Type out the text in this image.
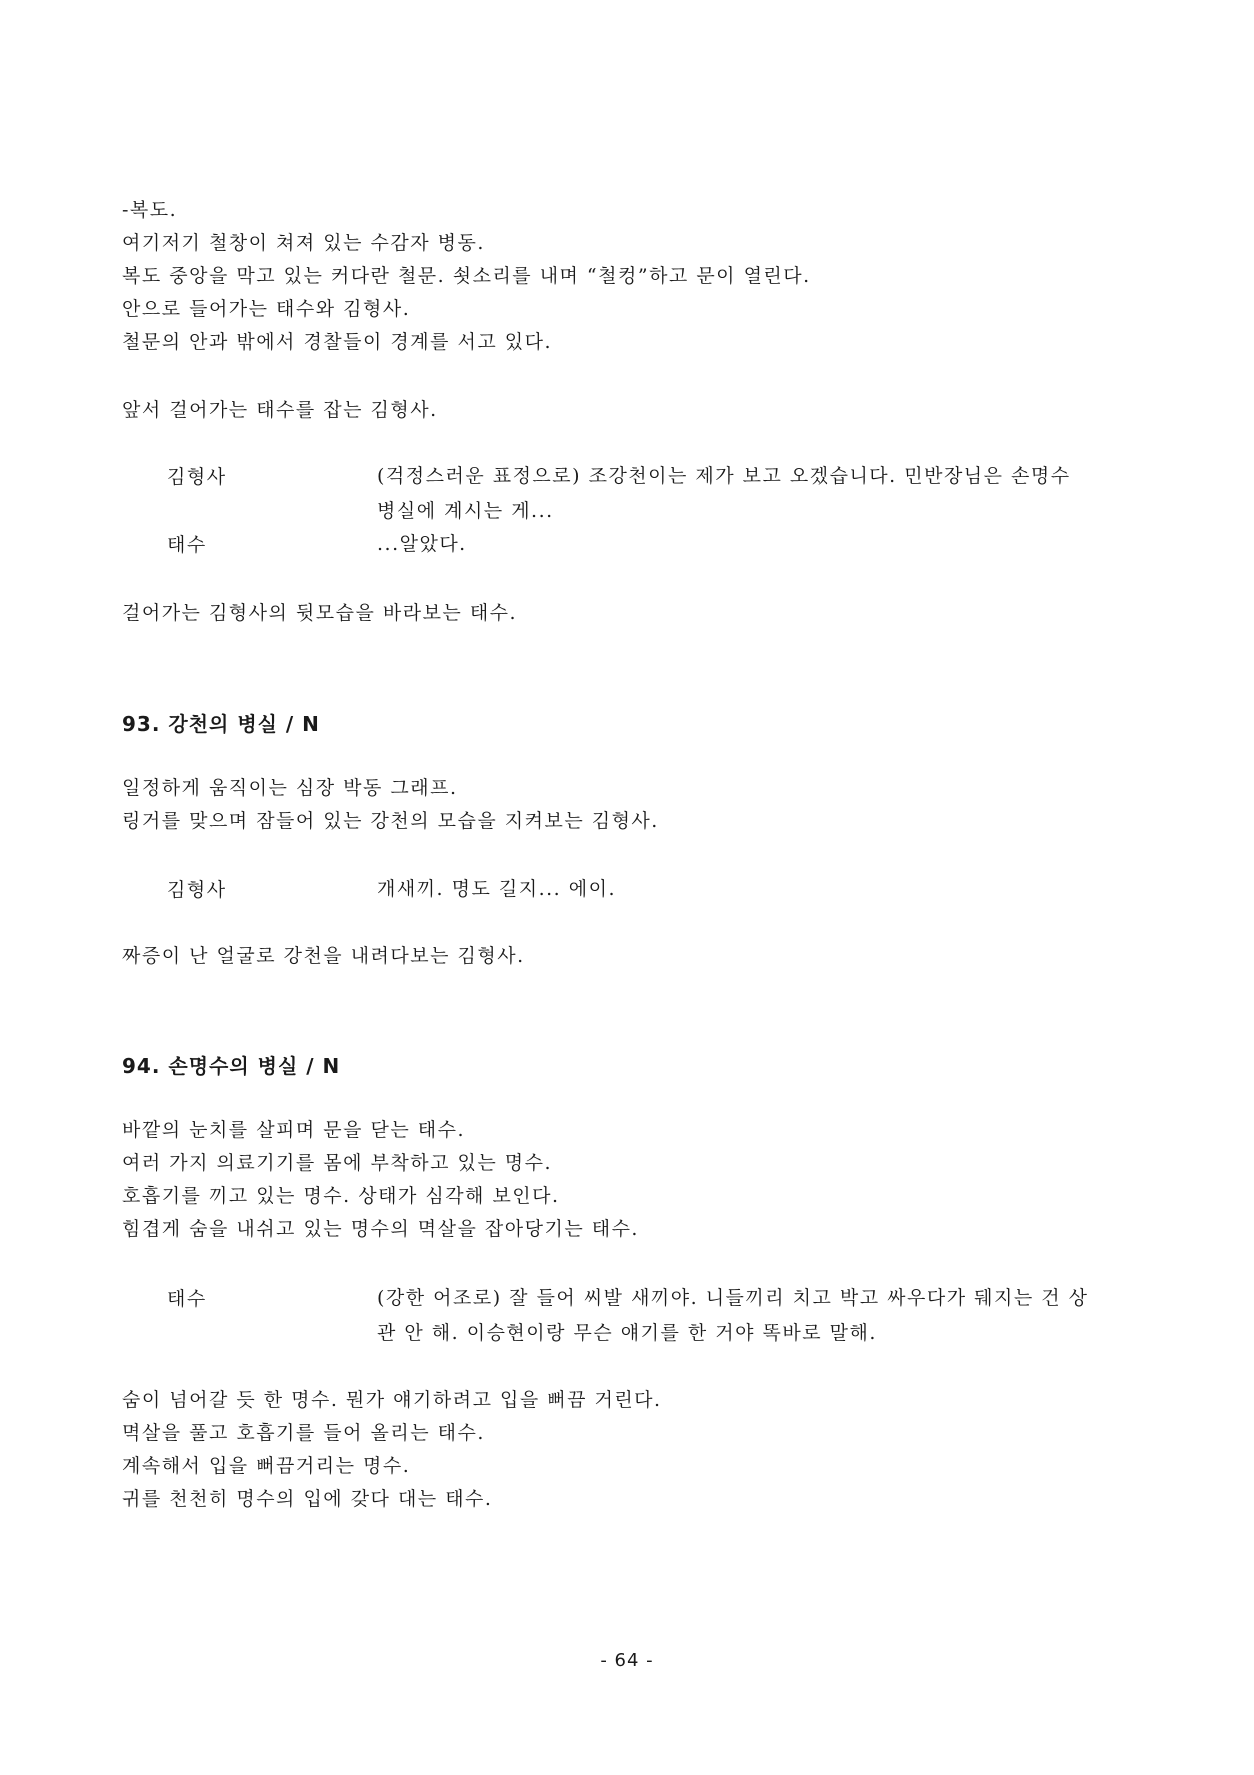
-복도.
여기저기 철창이 쳐져 있는 수감자 병동.
복도 중앙을 막고 있는 커다란 철문. 쇳소리를 내며 “철컹”하고 문이 열린다.
안으로 들어가는 태수와 김형사.
철문의 안과 밖에서 경찰들이 경계를 서고 있다.
앞서 걸어가는 태수를 잡는 김형사.
김형사	(걱정스러운 표정으로) 조강천이는 제가 보고 오겠습니다. 민반장님은 손명수
병실에 계시는 게...
태수	...알았다.
걸어가는 김형사의 뒷모습을 바라보는 태수.
93. 강천의 병실 / N
일정하게 움직이는 심장 박동 그래프.
링거를 맞으며 잠들어 있는 강천의 모습을 지켜보는 김형사.
김형사	개새끼. 명도 길지... 에이.
짜증이 난 얼굴로 강천을 내려다보는 김형사.
94. 손명수의 병실 / N
바깥의 눈치를 살피며 문을 닫는 태수.
여러 가지 의료기기를 몸에 부착하고 있는 명수.
호흡기를 끼고 있는 명수. 상태가 심각해 보인다.
힘겹게 숨을 내쉬고 있는 명수의 멱살을 잡아당기는 태수.
태수	(강한 어조로) 잘 들어 씨발 새끼야. 니들끼리 치고 박고 싸우다가 뒈지는 건 상
관 안 해. 이승현이랑 무슨 얘기를 한 거야 똑바로 말해.
숨이 넘어갈 듯 한 명수. 뭔가 얘기하려고 입을 뻐끔 거린다.
멱살을 풀고 호흡기를 들어 올리는 태수.
계속해서 입을 뻐끔거리는 명수.
귀를 천천히 명수의 입에 갖다 대는 태수.
- 64 -
